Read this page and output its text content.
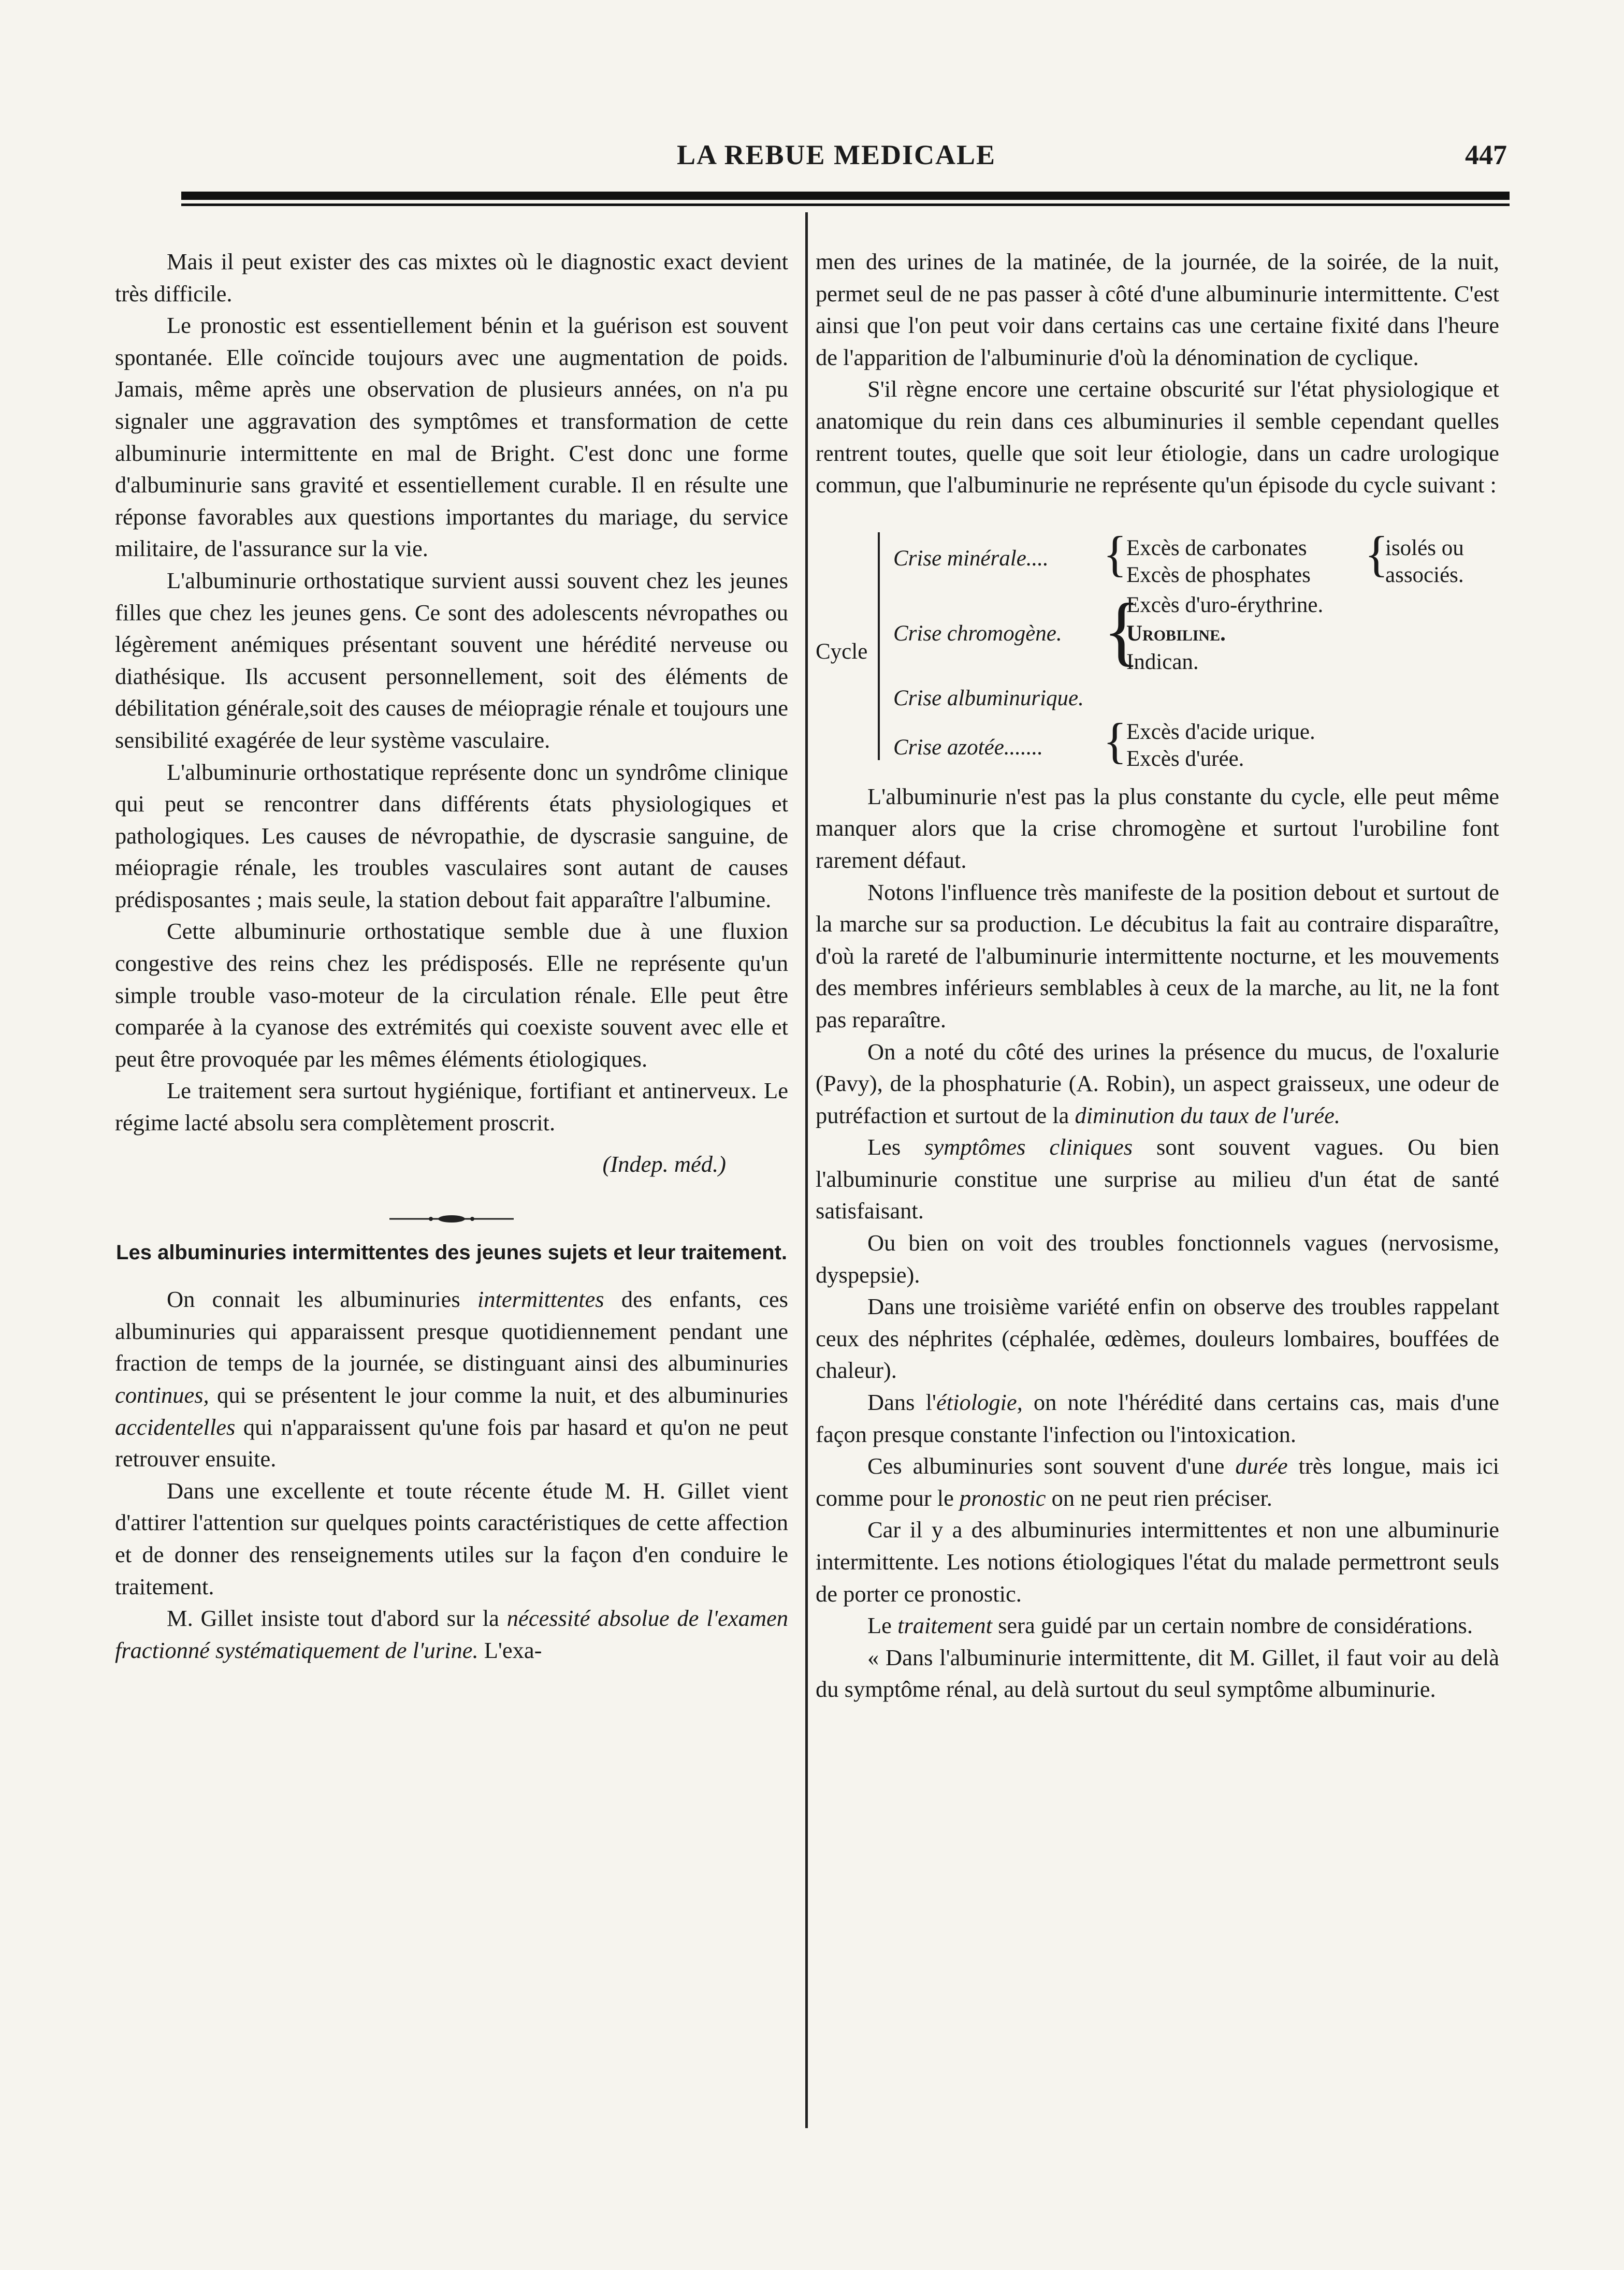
LA REBUE MEDICALE	447

Mais il peut exister des cas mixtes où le diagnostic exact devient très difficile.

Le pronostic est essentiellement bénin et la guérison est souvent spontanée. Elle coïncide toujours avec une augmentation de poids. Jamais, même après une observation de plusieurs années, on n'a pu signaler une aggravation des symptômes et transformation de cette albuminurie intermittente en mal de Bright. C'est donc une forme d'albuminurie sans gravité et essentiellement curable. Il en résulte une réponse favorables aux questions importantes du mariage, du service militaire, de l'assurance sur la vie.

L'albuminurie orthostatique survient aussi souvent chez les jeunes filles que chez les jeunes gens. Ce sont des adolescents névropathes ou légèrement anémiques présentant souvent une hérédité nerveuse ou diathésique. Ils accusent personnellement, soit des éléments de débilitation générale,soit des causes de méiopragie rénale et toujours une sensibilité exagérée de leur système vasculaire.

L'albuminurie orthostatique représente donc un syndrôme clinique qui peut se rencontrer dans différents états physiologiques et pathologiques. Les causes de névropathie, de dyscrasie sanguine, de méiopragie rénale, les troubles vasculaires sont autant de causes prédisposantes ; mais seule, la station debout fait apparaître l'albumine.

Cette albuminurie orthostatique semble due à une fluxion congestive des reins chez les prédisposés. Elle ne représente qu'un simple trouble vaso-moteur de la circulation rénale. Elle peut être comparée à la cyanose des extrémités qui coexiste souvent avec elle et peut être provoquée par les mêmes éléments étiologiques.

Le traitement sera surtout hygiénique, fortifiant et antinerveux. Le régime lacté absolu sera complètement proscrit.

(Indep. méd.)

Les albuminuries intermittentes des jeunes sujets et leur traitement.

On connait les albuminuries intermittentes des enfants, ces albuminuries qui apparaissent presque quotidiennement pendant une fraction de temps de la journée, se distinguant ainsi des albuminuries continues, qui se présentent le jour comme la nuit, et des albuminuries accidentelles qui n'apparaissent qu'une fois par hasard et qu'on ne peut retrouver ensuite.

Dans une excellente et toute récente étude M. H. Gillet vient d'attirer l'attention sur quelques points caractéristiques de cette affection et de donner des renseignements utiles sur la façon d'en conduire le traitement.

M. Gillet insiste tout d'abord sur la nécessité absolue de l'examen fractionné systématiquement de l'urine. L'exa-

men des urines de la matinée, de la journée, de la soirée, de la nuit, permet seul de ne pas passer à côté d'une albuminurie intermittente. C'est ainsi que l'on peut voir dans certains cas une certaine fixité dans l'heure de l'apparition de l'albuminurie d'où la dénomination de cyclique.

S'il règne encore une certaine obscurité sur l'état physiologique et anatomique du rein dans ces albuminuries il semble cependant quelles rentrent toutes, quelle que soit leur étiologie, dans un cadre urologique commun, que l'albuminurie ne représente qu'un épisode du cycle suivant :

Cycle
Crise minérale.... {
Excès de carbonates
Excès de phosphates {
isolés ou
associés.
Crise chromogène. {
Excès d'uro-érythrine.
Urobiline.
Indican.
Crise albuminurique.
Crise azotée....... {
Excès d'acide urique.
Excès d'urée.

L'albuminurie n'est pas la plus constante du cycle, elle peut même manquer alors que la crise chromogène et surtout l'urobiline font rarement défaut.

Notons l'influence très manifeste de la position debout et surtout de la marche sur sa production. Le décubitus la fait au contraire disparaître, d'où la rareté de l'albuminurie intermittente nocturne, et les mouvements des membres inférieurs semblables à ceux de la marche, au lit, ne la font pas reparaître.

On a noté du côté des urines la présence du mucus, de l'oxalurie (Pavy), de la phosphaturie (A. Robin), un aspect graisseux, une odeur de putréfaction et surtout de la diminution du taux de l'urée.

Les symptômes cliniques sont souvent vagues. Ou bien l'albuminurie constitue une surprise au milieu d'un état de santé satisfaisant.

Ou bien on voit des troubles fonctionnels vagues (nervosisme, dyspepsie).

Dans une troisième variété enfin on observe des troubles rappelant ceux des néphrites (céphalée, œdèmes, douleurs lombaires, bouffées de chaleur).

Dans l'étiologie, on note l'hérédité dans certains cas, mais d'une façon presque constante l'infection ou l'intoxication.

Ces albuminuries sont souvent d'une durée très longue, mais ici comme pour le pronostic on ne peut rien préciser.

Car il y a des albuminuries intermittentes et non une albuminurie intermittente. Les notions étiologiques l'état du malade permettront seuls de porter ce pronostic.

Le traitement sera guidé par un certain nombre de considérations.

« Dans l'albuminurie intermittente, dit M. Gillet, il faut voir au delà du symptôme rénal, au delà surtout du seul symptôme albuminurie.
